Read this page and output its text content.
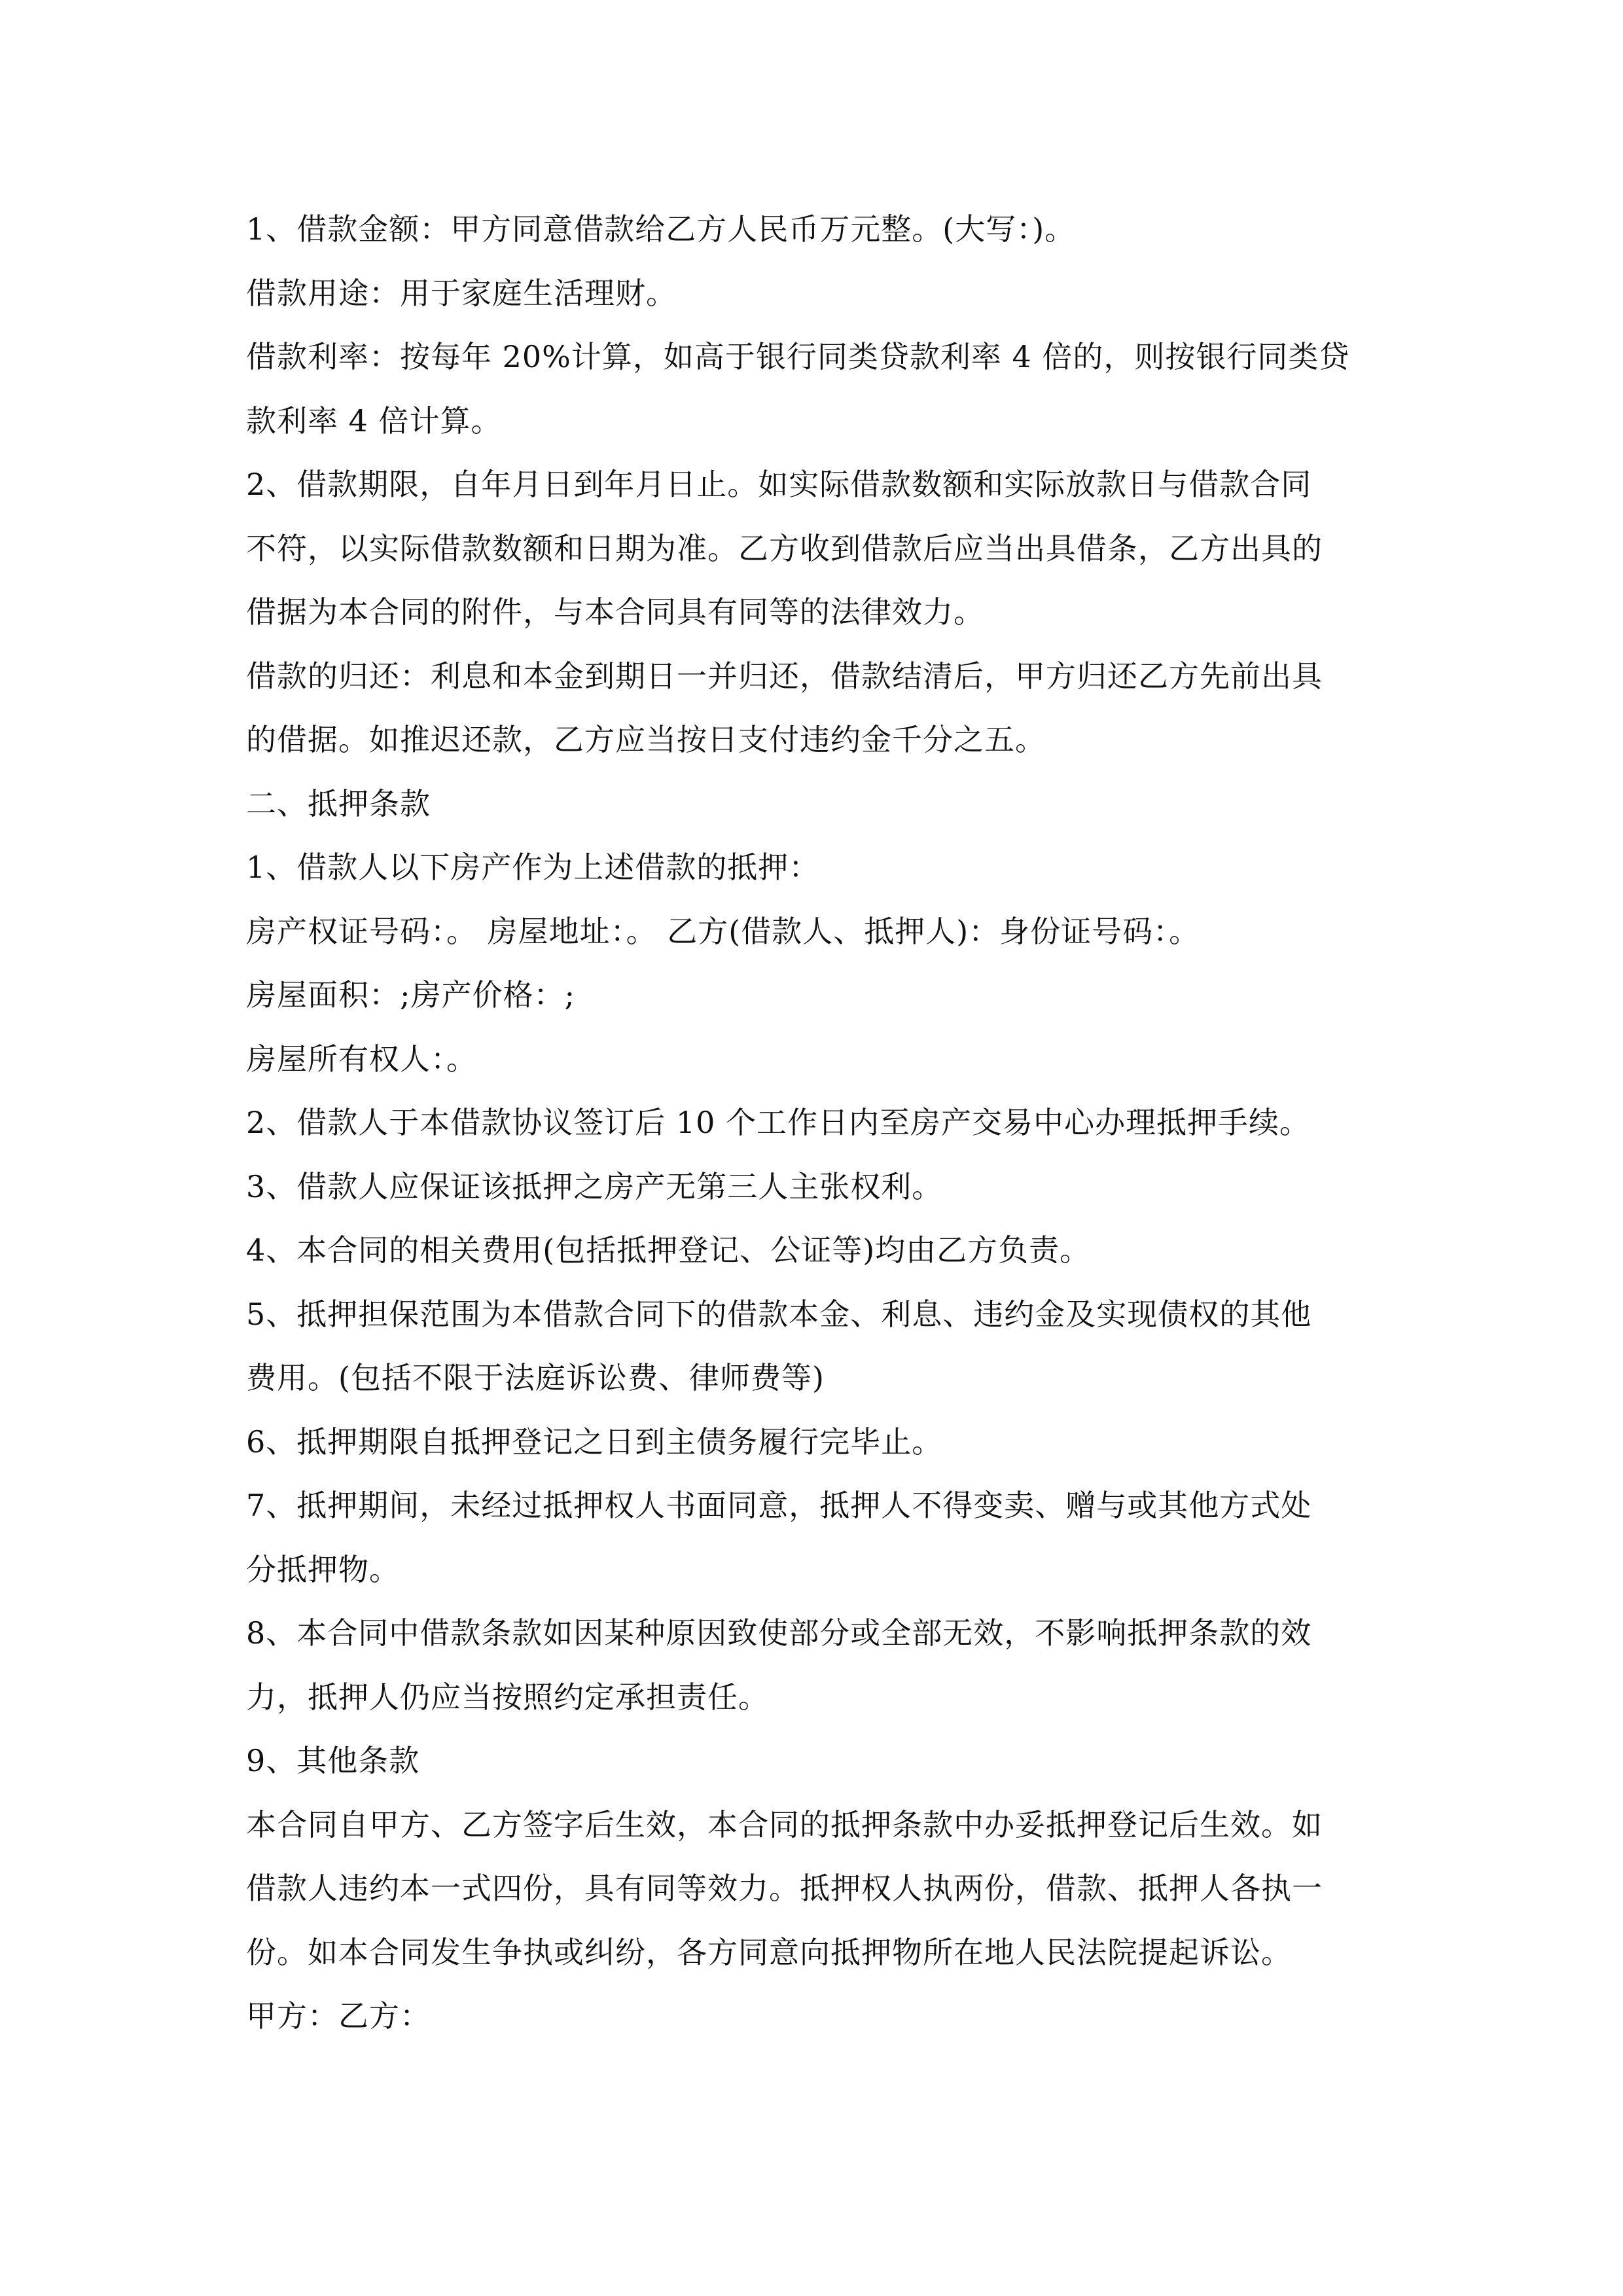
1、借款金额：甲方同意借款给乙方人民币万元整。(大写：)。
借款用途：用于家庭生活理财。
借款利率：按每年 20%计算，如高于银行同类贷款利率 4 倍的，则按银行同类贷
款利率 4 倍计算。
2、借款期限，自年月日到年月日止。如实际借款数额和实际放款日与借款合同
不符，以实际借款数额和日期为准。乙方收到借款后应当出具借条，乙方出具的
借据为本合同的附件，与本合同具有同等的法律效力。
借款的归还：利息和本金到期日一并归还，借款结清后，甲方归还乙方先前出具
的借据。如推迟还款，乙方应当按日支付违约金千分之五。
二、抵押条款
1、借款人以下房产作为上述借款的抵押：
房产权证号码：。 房屋地址：。 乙方(借款人、抵押人)：身份证号码：。
房屋面积：;房产价格：;
房屋所有权人：。
2、借款人于本借款协议签订后 10 个工作日内至房产交易中心办理抵押手续。
3、借款人应保证该抵押之房产无第三人主张权利。
4、本合同的相关费用(包括抵押登记、公证等)均由乙方负责。
5、抵押担保范围为本借款合同下的借款本金、利息、违约金及实现债权的其他
费用。(包括不限于法庭诉讼费、律师费等)
6、抵押期限自抵押登记之日到主债务履行完毕止。
7、抵押期间，未经过抵押权人书面同意，抵押人不得变卖、赠与或其他方式处
分抵押物。
8、本合同中借款条款如因某种原因致使部分或全部无效，不影响抵押条款的效
力，抵押人仍应当按照约定承担责任。
9、其他条款
本合同自甲方、乙方签字后生效，本合同的抵押条款中办妥抵押登记后生效。如
借款人违约本一式四份，具有同等效力。抵押权人执两份，借款、抵押人各执一
份。如本合同发生争执或纠纷，各方同意向抵押物所在地人民法院提起诉讼。
甲方：乙方：
